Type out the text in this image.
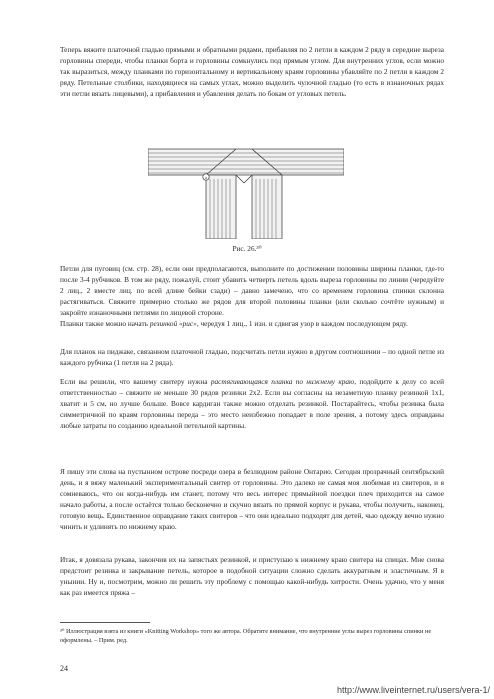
Теперь вяжите платочной гладью прямыми и обратными рядами, прибавляя по 2 петли в каждом 2 ряду в середине выреза горловины спереди, чтобы планки борта и горловины сомкнулись под прямым углом. Для внутренних углов, если можно так выразиться, между планками по горизонтальному и вертикальному краям горловины убавляйте по 2 петли в каждом 2 ряду. Петельные столбики, находящиеся на самых углах, можно выделить чулочной гладью (то есть в изнаночных рядах эти петли вязать лицевыми), а прибавления и убавления делать по бокам от угловых петель.

a
Рис. 26.³⁰

Петли для пуговиц (см. стр. 28), если они предполагаются, выполните по достижении половины ширины планки, где-то после 3-4 рубчиков. В том же ряду, пожалуй, стоит убавить четверть петель вдоль выреза горловины по линии (чередуйте 2 лиц., 2 вместе лиц. по всей длине бейки сзади) – давно замечено, что со временем горловина спинки склонна растягиваться. Свяжите примерно столько же рядов для второй половины планки (или сколько сочтёте нужным) и закройте изнаночными петлями по лицевой стороне.

Планки также можно начать резинкой «рис», чередуя 1 лиц., 1 изн. и сдвигая узор в каждом последующем ряду.

Для планок на пиджаке, связанном платочной гладью, подсчитать петли нужно в другом соотношении – по одной петле из каждого рубчика (1 петля на 2 ряда).

Если вы решили, что вашему свитеру нужна растягивающаяся планка по нижнему краю, подойдите к делу со всей ответственностью – свяжите не меньше 30 рядов резинки 2х2. Если вы согласны на незаметную планку резинкой 1х1, хватит и 5 см, но лучше больше. Вовсе кардиган также можно отделать резинкой. Постарайтесь, чтобы резинка была симметричной по краям горловины переда – это место неизбежно попадает в поле зрения, а потому здесь оправданы любые затраты по созданию идеальной петельной картины.

Я пишу эти слова на пустынном острове посреди озера в безлюдном районе Онтарио. Сегодня прозрачный сентябрьский день, и я вяжу маленький экспериментальный свитер от горловины. Это далеко не самая моя любимая из свитеров, и я сомневаюсь, что он когда-нибудь им станет, потому что весь интерес прямыйной поездки плеч приходится на самое начало работы, а после остаётся только бесконечно и скучно вязать по прямой корпус и рукава, чтобы получить, наконец, готовую вещь. Единственное оправдание таких свитеров – что они идеально подходят для детей, чью одежду вечно нужно чинить и удлинять по нижнему краю.

Итак, я довязала рукава, закончив их на запястьях резинкой, и приступаю к нижнему краю свитера на спицах. Мне снова предстоит резинка и закрывание петель, которое в подобной ситуации сложно сделать аккуратным и эластичным. Я в унынии. Ну и, посмотрим, можно ли решить эту проблему с помощью какой-нибудь хитрости. Очень удачно, что у меня как раз имеется пряжа –

³⁰ Иллюстрация взята из книги «Knitting Workshop» того же автора. Обратите внимание, что внутренние углы вырез горловины спинки не оформлены. – Прим. ред.

24
http://www.liveinternet.ru/users/vera-1/
